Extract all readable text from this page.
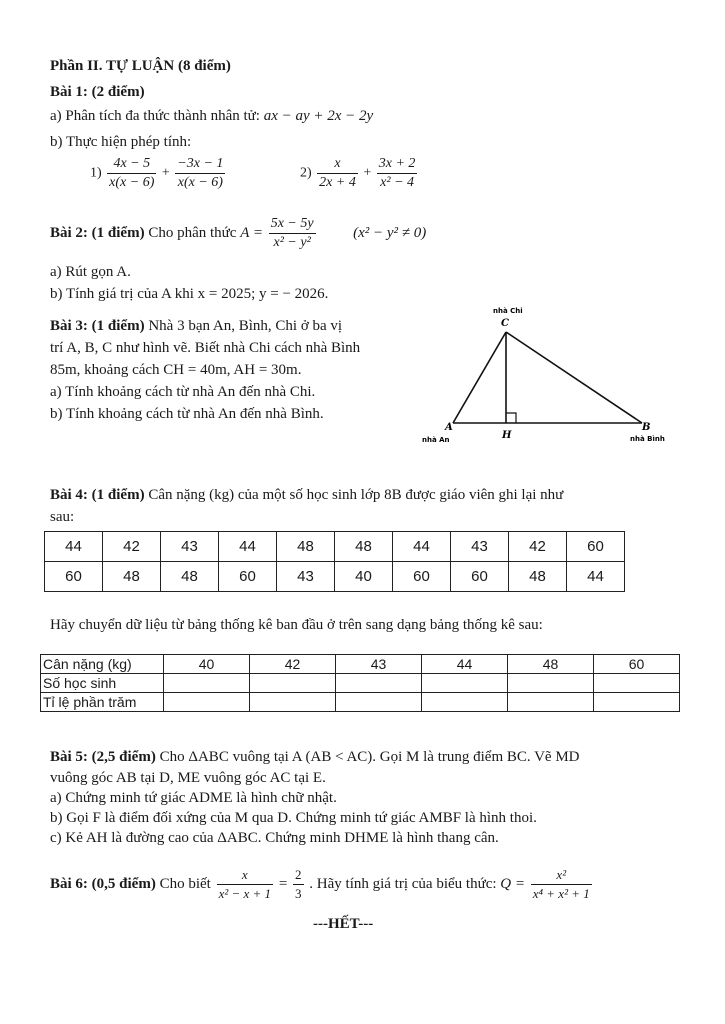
Phần II. TỰ LUẬN (8 điểm)
Bài 1: (2 điểm)
a) Phân tích đa thức thành nhân tử: ax − ay + 2x − 2y
b) Thực hiện phép tính:
$1) \frac{4x - 5}{x(x - 6)} + \frac{-3x - 1}{x(x - 6)}$	$2) \frac{x}{2x + 4} + \frac{3x + 2}{\text{x² − 4}}$
Bài 2: (1 điểm) Cho phân thức $A = \frac{5x - 5y}{\text{x² − y²}}$	(x² − y² ≠ 0)
a) Rút gọn A.
b) Tính giá trị của A khi x = 2025; y = − 2026.
Bài 3: (1 điểm) Nhà 3 bạn An, Bình, Chi ở ba vị
trí A, B, C như hình vẽ. Biết nhà Chi cách nhà Bình
85m, khoảng cách CH = 40m, AH = 30m.
a) Tính khoảng cách từ nhà An đến nhà Chi.
b) Tính khoảng cách từ nhà An đến nhà Bình.
nhà Chi
C
A
H
B
nhà An	nhà Bình
Bài 4: (1 điểm) Cân nặng (kg) của một số học sinh lớp 8B được giáo viên ghi lại như
sau:
44	42	43	44	48	48	44	43	42	60
60	48	48	60	43	40	60	60	48	44
Hãy chuyển dữ liệu từ bảng thống kê ban đầu ở trên sang dạng bảng thống kê sau:
Cân nặng (kg)	40	42	43	44	48	60
Số học sinh						
Tỉ lệ phần trăm						
Bài 5: (2,5 điểm) Cho ΔABC vuông tại A (AB < AC). Gọi M là trung điểm BC. Vẽ MD
vuông góc AB tại D, ME vuông góc AC tại E.
a) Chứng minh tứ giác ADME là hình chữ nhật.
b) Gọi F là điểm đối xứng của M qua D. Chứng minh tứ giác AMBF là hình thoi.
c) Kẻ AH là đường cao của ΔABC. Chứng minh DHME là hình thang cân.
Bài 6: (0,5 điểm) Cho biết $\frac{x}{\text{x² − x + 1}} = \frac{2}{3}$ . Hãy tính giá trị của biểu thức: $Q = \frac{\text{x²}}{\text{x⁴ + x² + 1}}$
---HẾT---
